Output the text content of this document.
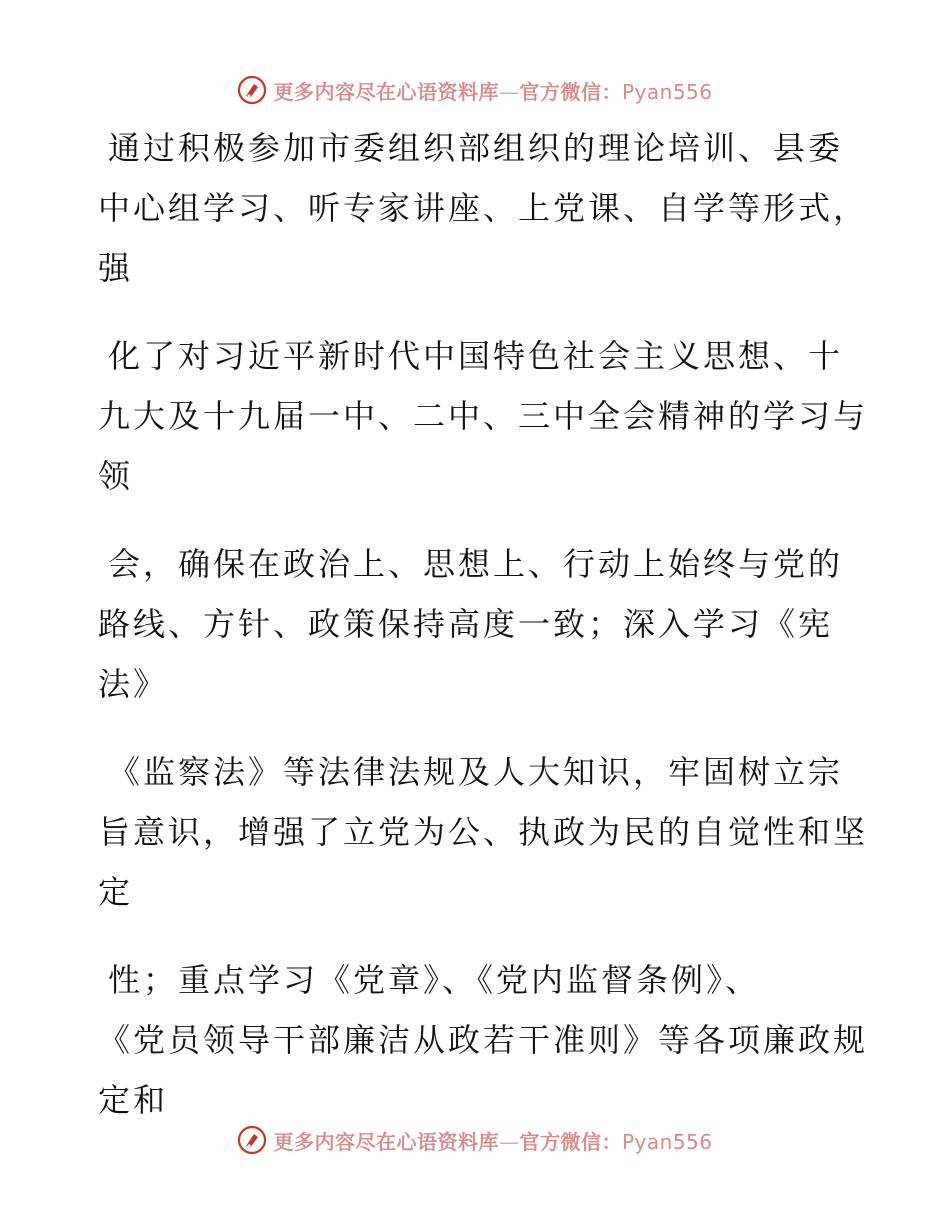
更多内容尽在心语资料库—官方微信：Pyan556
通过积极参加市委组织部组织的理论培训、县委
中心组学习、听专家讲座、上党课、自学等形式，
强
化了对习近平新时代中国特色社会主义思想、十
九大及十九届一中、二中、三中全会精神的学习与
领
会，确保在政治上、思想上、行动上始终与党的
路线、方针、政策保持高度一致；深入学习《宪
法》
《监察法》等法律法规及人大知识，牢固树立宗
旨意识，增强了立党为公、执政为民的自觉性和坚
定
性；重点学习《党章》、《党内监督条例》、
《党员领导干部廉洁从政若干准则》等各项廉政规
定和
更多内容尽在心语资料库—官方微信：Pyan556
